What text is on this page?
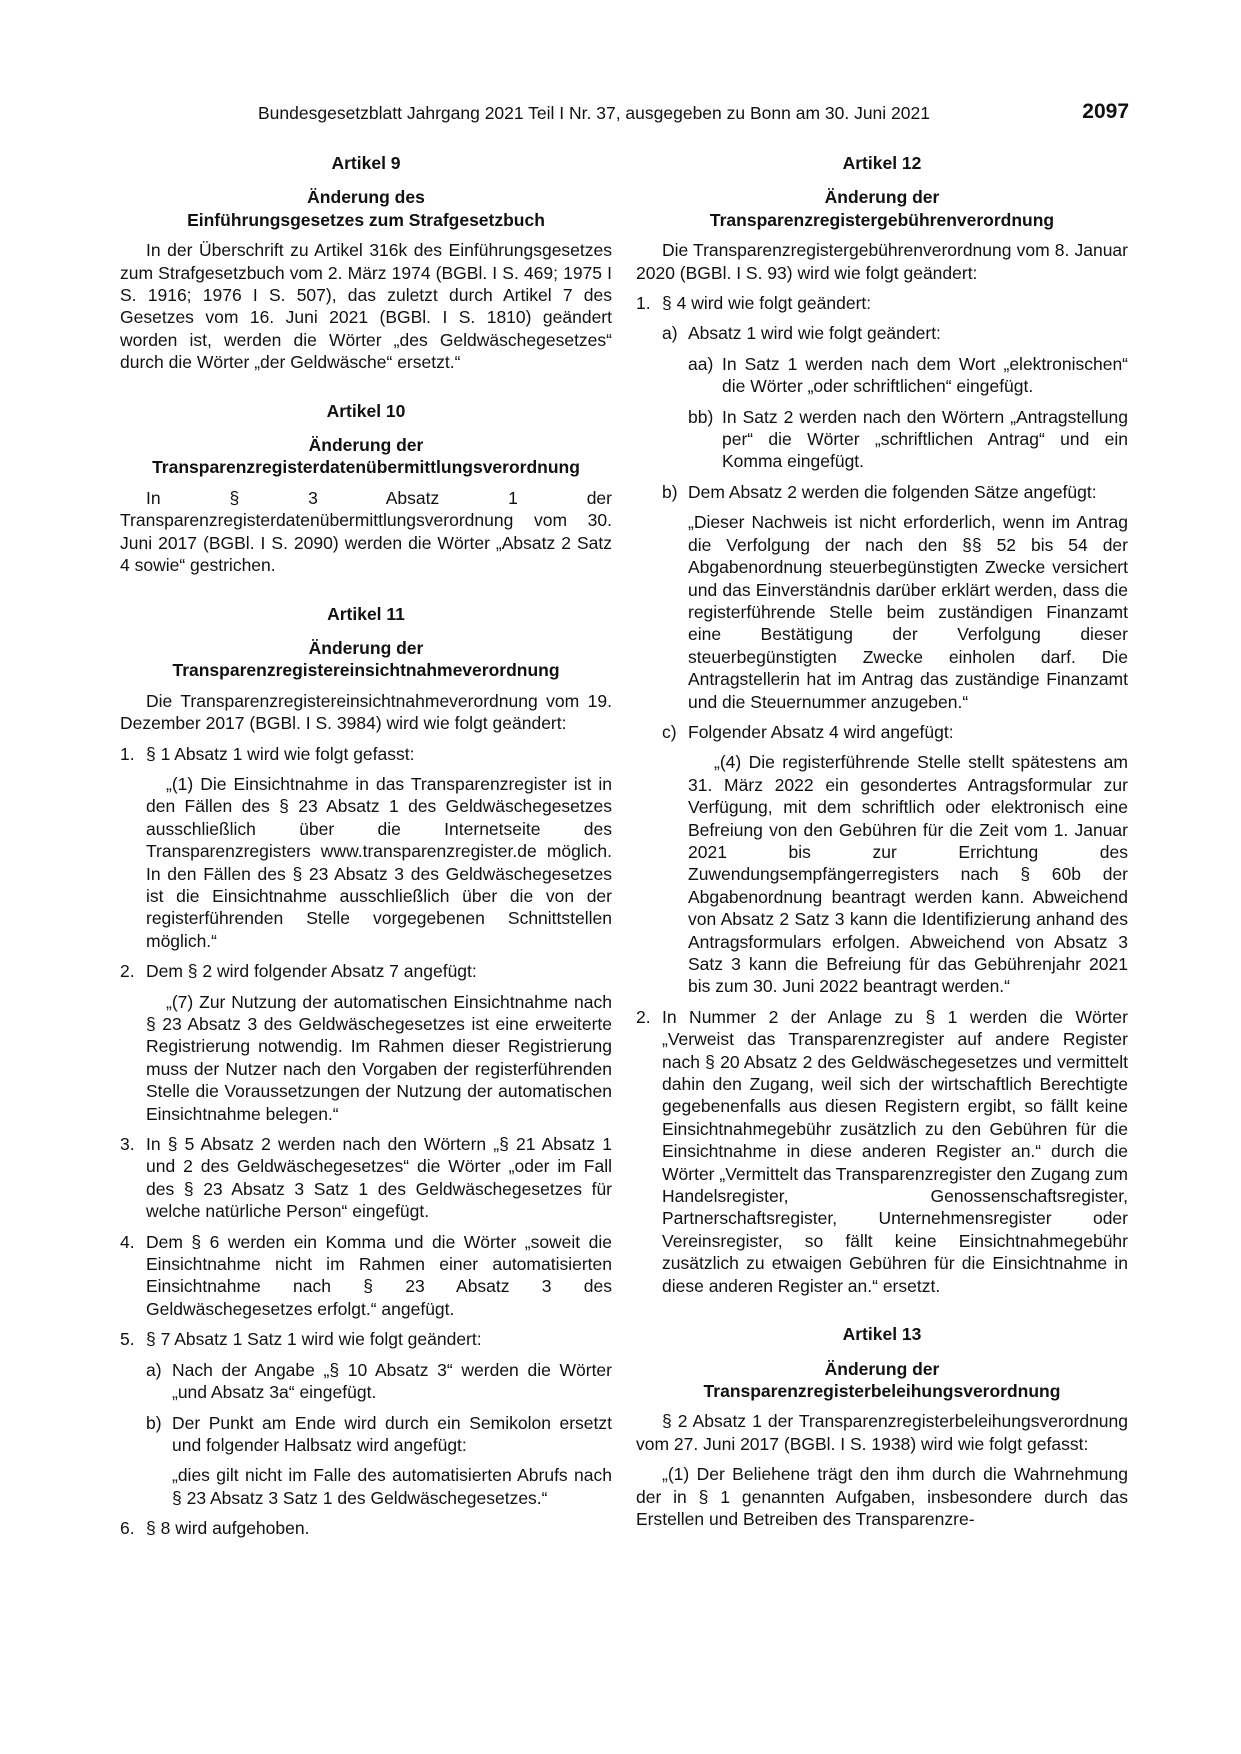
Bundesgesetzblatt Jahrgang 2021 Teil I Nr. 37, ausgegeben zu Bonn am 30. Juni 2021	2097
Artikel 9
Änderung des
Einführungsgesetzes zum Strafgesetzbuch

In der Überschrift zu Artikel 316k des Einführungsgesetzes zum Strafgesetzbuch vom 2. März 1974 (BGBl. I S. 469; 1975 I S. 1916; 1976 I S. 507), das zuletzt durch Artikel 7 des Gesetzes vom 16. Juni 2021 (BGBl. I S. 1810) geändert worden ist, werden die Wörter „des Geldwäschegesetzes“ durch die Wörter „der Geldwäsche“ ersetzt.“

Artikel 10
Änderung der
Transparenzregisterdatenübermittlungsverordnung

In § 3 Absatz 1 der Transparenzregisterdatenübermittlungsverordnung vom 30. Juni 2017 (BGBl. I S. 2090) werden die Wörter „Absatz 2 Satz 4 sowie“ gestrichen.

Artikel 11
Änderung der
Transparenzregistereinsichtnahmeverordnung

Die Transparenzregistereinsichtnahmeverordnung vom 19. Dezember 2017 (BGBl. I S. 3984) wird wie folgt geändert:

1. § 1 Absatz 1 wird wie folgt gefasst:

„(1) Die Einsichtnahme in das Transparenzregister ist in den Fällen des § 23 Absatz 1 des Geldwäschegesetzes ausschließlich über die Internetseite des Transparenzregisters www.transparenzregister.de möglich. In den Fällen des § 23 Absatz 3 des Geldwäschegesetzes ist die Einsichtnahme ausschließlich über die von der registerführenden Stelle vorgegebenen Schnittstellen möglich.“

2. Dem § 2 wird folgender Absatz 7 angefügt:

„(7) Zur Nutzung der automatischen Einsichtnahme nach § 23 Absatz 3 des Geldwäschegesetzes ist eine erweiterte Registrierung notwendig. Im Rahmen dieser Registrierung muss der Nutzer nach den Vorgaben der registerführenden Stelle die Voraussetzungen der Nutzung der automatischen Einsichtnahme belegen.“

3. In § 5 Absatz 2 werden nach den Wörtern „§ 21 Absatz 1 und 2 des Geldwäschegesetzes“ die Wörter „oder im Fall des § 23 Absatz 3 Satz 1 des Geldwäschegesetzes für welche natürliche Person“ eingefügt.
4. Dem § 6 werden ein Komma und die Wörter „soweit die Einsichtnahme nicht im Rahmen einer automatisierten Einsichtnahme nach § 23 Absatz 3 des Geldwäschegesetzes erfolgt.“ angefügt.
5. § 7 Absatz 1 Satz 1 wird wie folgt geändert:
a) Nach der Angabe „§ 10 Absatz 3“ werden die Wörter „und Absatz 3a“ eingefügt.
b) Der Punkt am Ende wird durch ein Semikolon ersetzt und folgender Halbsatz wird angefügt:

„dies gilt nicht im Falle des automatisierten Abrufs nach § 23 Absatz 3 Satz 1 des Geldwäschegesetzes.“

6. § 8 wird aufgehoben.
Artikel 12
Änderung der
Transparenzregistergebührenverordnung

Die Transparenzregistergebührenverordnung vom 8. Januar 2020 (BGBl. I S. 93) wird wie folgt geändert:

1. § 4 wird wie folgt geändert:
a) Absatz 1 wird wie folgt geändert:
aa) In Satz 1 werden nach dem Wort „elektronischen“ die Wörter „oder schriftlichen“ eingefügt.
bb) In Satz 2 werden nach den Wörtern „Antragstellung per“ die Wörter „schriftlichen Antrag“ und ein Komma eingefügt.
b) Dem Absatz 2 werden die folgenden Sätze angefügt:

„Dieser Nachweis ist nicht erforderlich, wenn im Antrag die Verfolgung der nach den §§ 52 bis 54 der Abgabenordnung steuerbegünstigten Zwecke versichert und das Einverständnis darüber erklärt werden, dass die registerführende Stelle beim zuständigen Finanzamt eine Bestätigung der Verfolgung dieser steuerbegünstigten Zwecke einholen darf. Die Antragstellerin hat im Antrag das zuständige Finanzamt und die Steuernummer anzugeben.“

c) Folgender Absatz 4 wird angefügt:

„(4) Die registerführende Stelle stellt spätestens am 31. März 2022 ein gesondertes Antragsformular zur Verfügung, mit dem schriftlich oder elektronisch eine Befreiung von den Gebühren für die Zeit vom 1. Januar 2021 bis zur Errichtung des Zuwendungsempfängerregisters nach § 60b der Abgabenordnung beantragt werden kann. Abweichend von Absatz 2 Satz 3 kann die Identifizierung anhand des Antragsformulars erfolgen. Abweichend von Absatz 3 Satz 3 kann die Befreiung für das Gebührenjahr 2021 bis zum 30. Juni 2022 beantragt werden.“

2. In Nummer 2 der Anlage zu § 1 werden die Wörter „Verweist das Transparenzregister auf andere Register nach § 20 Absatz 2 des Geldwäschegesetzes und vermittelt dahin den Zugang, weil sich der wirtschaftlich Berechtigte gegebenenfalls aus diesen Registern ergibt, so fällt keine Einsichtnahmegebühr zusätzlich zu den Gebühren für die Einsichtnahme in diese anderen Register an.“ durch die Wörter „Vermittelt das Transparenzregister den Zugang zum Handelsregister, Genossenschaftsregister, Partnerschaftsregister, Unternehmensregister oder Vereinsregister, so fällt keine Einsichtnahmegebühr zusätzlich zu etwaigen Gebühren für die Einsichtnahme in diese anderen Register an.“ ersetzt.
Artikel 13
Änderung der
Transparenzregisterbeleihungsverordnung

§ 2 Absatz 1 der Transparenzregisterbeleihungsverordnung vom 27. Juni 2017 (BGBl. I S. 1938) wird wie folgt gefasst:

„(1) Der Beliehene trägt den ihm durch die Wahrnehmung der in § 1 genannten Aufgaben, insbesondere durch das Erstellen und Betreiben des Transparenzre-
